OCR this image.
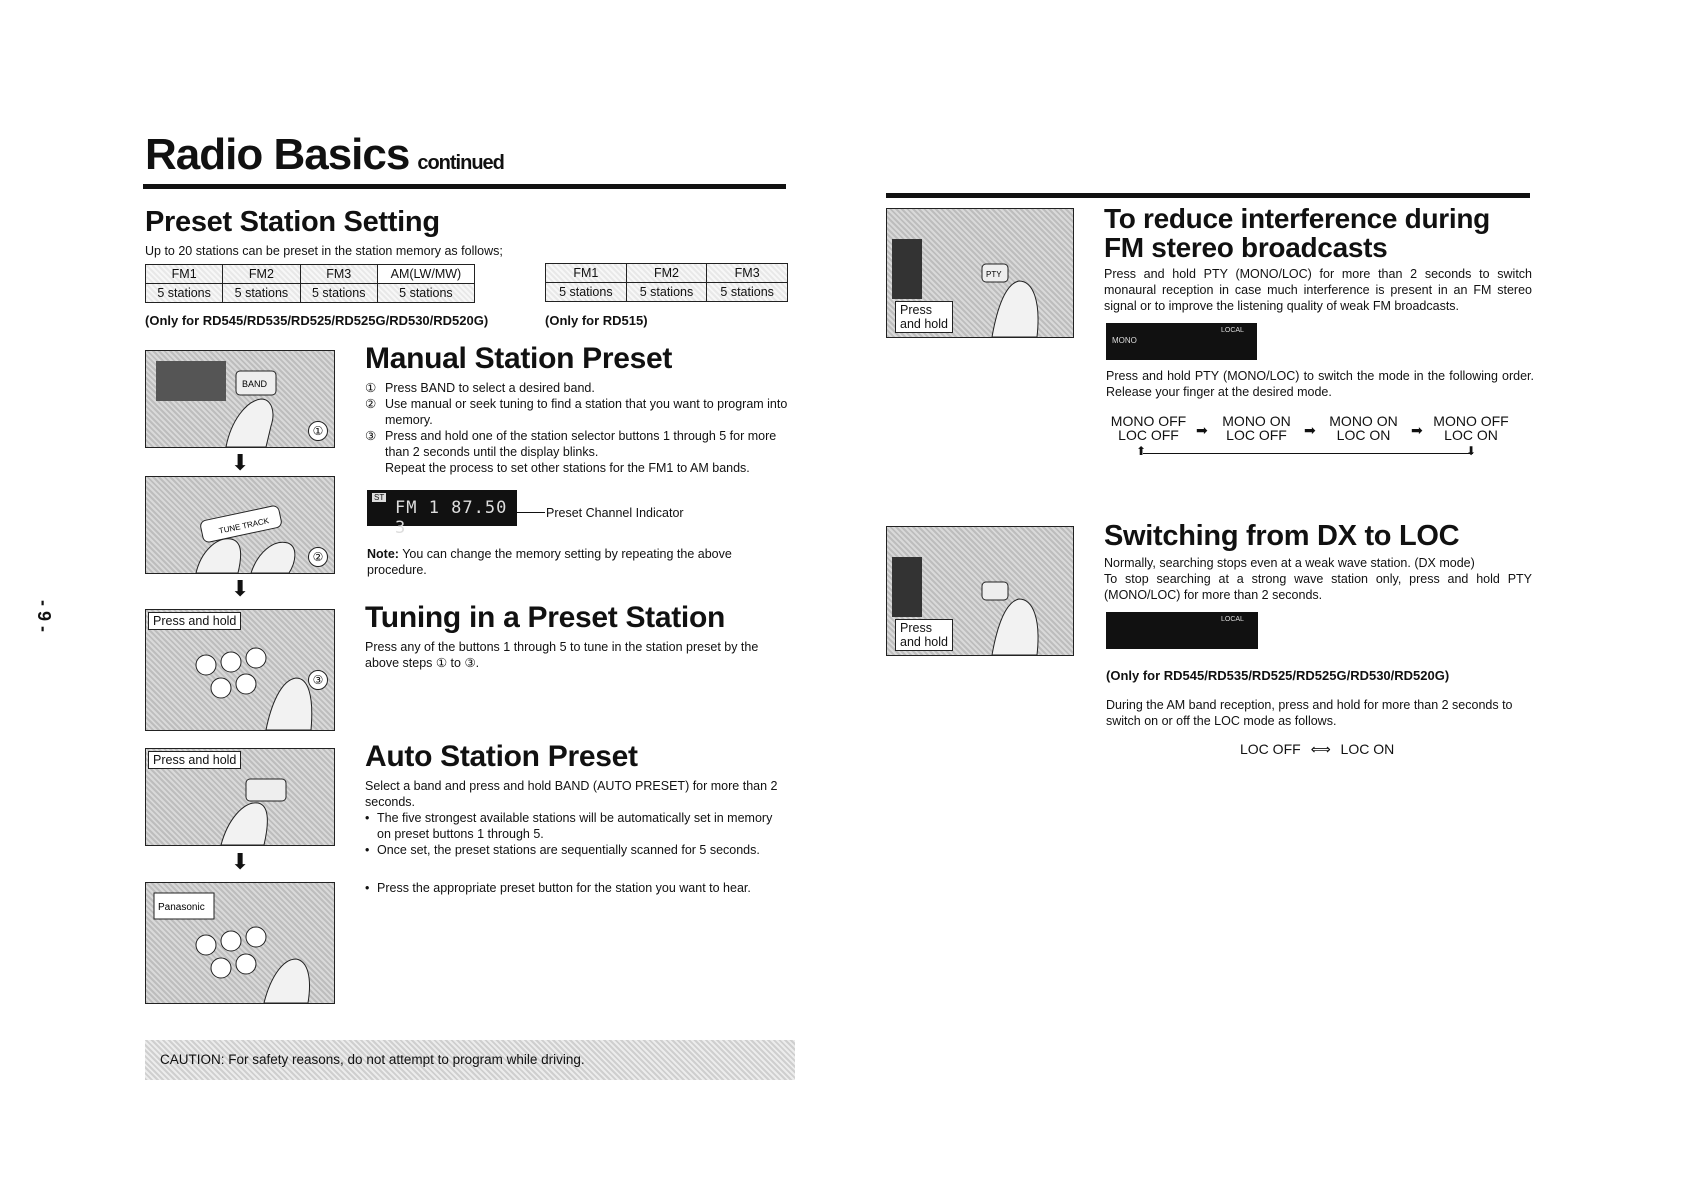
- 9 -
Radio Basics continued
Preset Station Setting

Up to 20 stations can be preset in the station memory as follows;

FM1	FM2	FM3	AM(LW/MW)
5 stations	5 stations	5 stations	5 stations
(Only for RD545/RD535/RD525/RD525G/RD530/RD520G)
FM1	FM2	FM3
5 stations	5 stations	5 stations
(Only for RD515)
BAND
①
⬇
TUNE TRACK
②
⬇
Press and hold
③
Press and hold
⬇
Panasonic
Manual Station Preset
① Press BAND to select a desired band.
② Use manual or seek tuning to find a station that you want to program into memory.
③ Press and hold one of the station selector buttons 1 through 5 for more than 2 seconds until the display blinks.
Repeat the process to set other stations for the FM1 to AM bands.
ST
FM 1 87.50 3
Preset Channel Indicator
Note: You can change the memory setting by repeating the above procedure.
Tuning in a Preset Station

Press any of the buttons 1 through 5 to tune in the station preset by the above steps ① to ③.

Auto Station Preset

Select a band and press and hold BAND (AUTO PRESET) for more than 2 seconds.

• The five strongest available stations will be automatically set in memory on preset buttons 1 through 5.
• Once set, the preset stations are sequentially scanned for 5 seconds.
• Press the appropriate preset button for the station you want to hear.
CAUTION: For safety reasons, do not attempt to program while driving.
PTY
Press
and hold
To reduce interference during
FM stereo broadcasts

Press and hold PTY (MONO/LOC) for more than 2 seconds to switch monaural reception in case much interference is present in an FM stereo signal or to improve the listening quality of weak FM broadcasts.

MONO
LOCAL

Press and hold PTY (MONO/LOC) to switch the mode in the following order. Release your finger at the desired mode.

MONO OFF
LOC OFF	➡
MONO ON
LOC OFF	➡
MONO ON
LOC ON	➡
MONO OFF
LOC ON
⬆	⬇
Press
and hold
Switching from DX to LOC

Normally, searching stops even at a weak wave station. (DX mode)

To stop searching at a strong wave station only, press and hold PTY (MONO/LOC) for more than 2 seconds.

LOCAL
(Only for RD545/RD535/RD525/RD525G/RD530/RD520G)

During the AM band reception, press and hold for more than 2 seconds to switch on or off the LOC mode as follows.

LOC OFF ⟺ LOC ON
